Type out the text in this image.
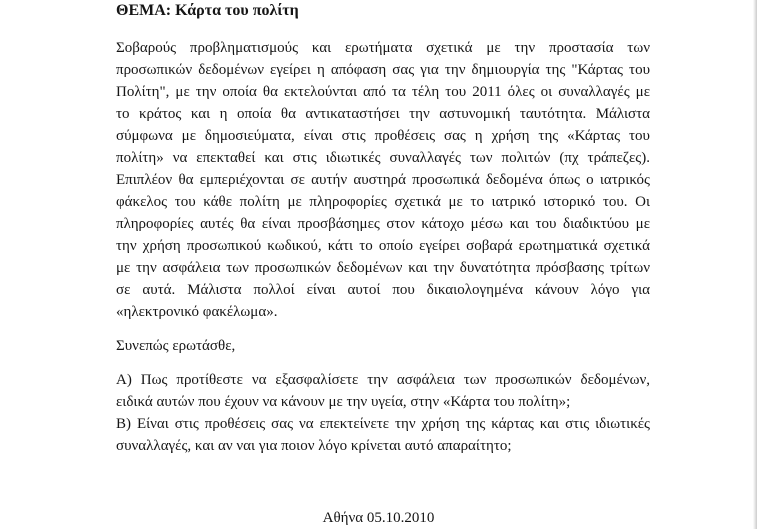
ΘΕΜΑ: Κάρτα του πολίτη
Σοβαρούς προβληματισμούς και ερωτήματα σχετικά με την προστασία των
προσωπικών δεδομένων εγείρει η απόφαση σας για την δημιουργία της "Κάρτας του
Πολίτη", με την οποία θα εκτελούνται από τα τέλη του 2011 όλες οι συναλλαγές με
το κράτος και η οποία θα αντικαταστήσει την αστυνομική ταυτότητα. Μάλιστα
σύμφωνα με δημοσιεύματα, είναι στις προθέσεις σας η χρήση της «Κάρτας του
πολίτη» να επεκταθεί και στις ιδιωτικές συναλλαγές των πολιτών (πχ τράπεζες).
Επιπλέον θα εμπεριέχονται σε αυτήν αυστηρά προσωπικά δεδομένα όπως ο ιατρικός
φάκελος του κάθε πολίτη με πληροφορίες σχετικά με το ιατρικό ιστορικό του. Οι
πληροφορίες αυτές θα είναι προσβάσημες στον κάτοχο μέσω και του διαδικτύου με
την χρήση προσωπικού κωδικού, κάτι το οποίο εγείρει σοβαρά ερωτηματικά σχετικά
με την ασφάλεια των προσωπικών δεδομένων και την δυνατότητα πρόσβασης τρίτων
σε αυτά. Μάλιστα πολλοί είναι αυτοί που δικαιολογημένα κάνουν λόγο για
«ηλεκτρονικό φακέλωμα».
Συνεπώς ερωτάσθε,
Α) Πως προτίθεστε να εξασφαλίσετε την ασφάλεια των προσωπικών δεδομένων,
ειδικά αυτών που έχουν να κάνουν με την υγεία, στην «Κάρτα του πολίτη»;
Β) Είναι στις προθέσεις σας να επεκτείνετε την χρήση της κάρτας και στις ιδιωτικές
συναλλαγές, και αν ναι για ποιον λόγο κρίνεται αυτό απαραίτητο;
Αθήνα 05.10.2010
